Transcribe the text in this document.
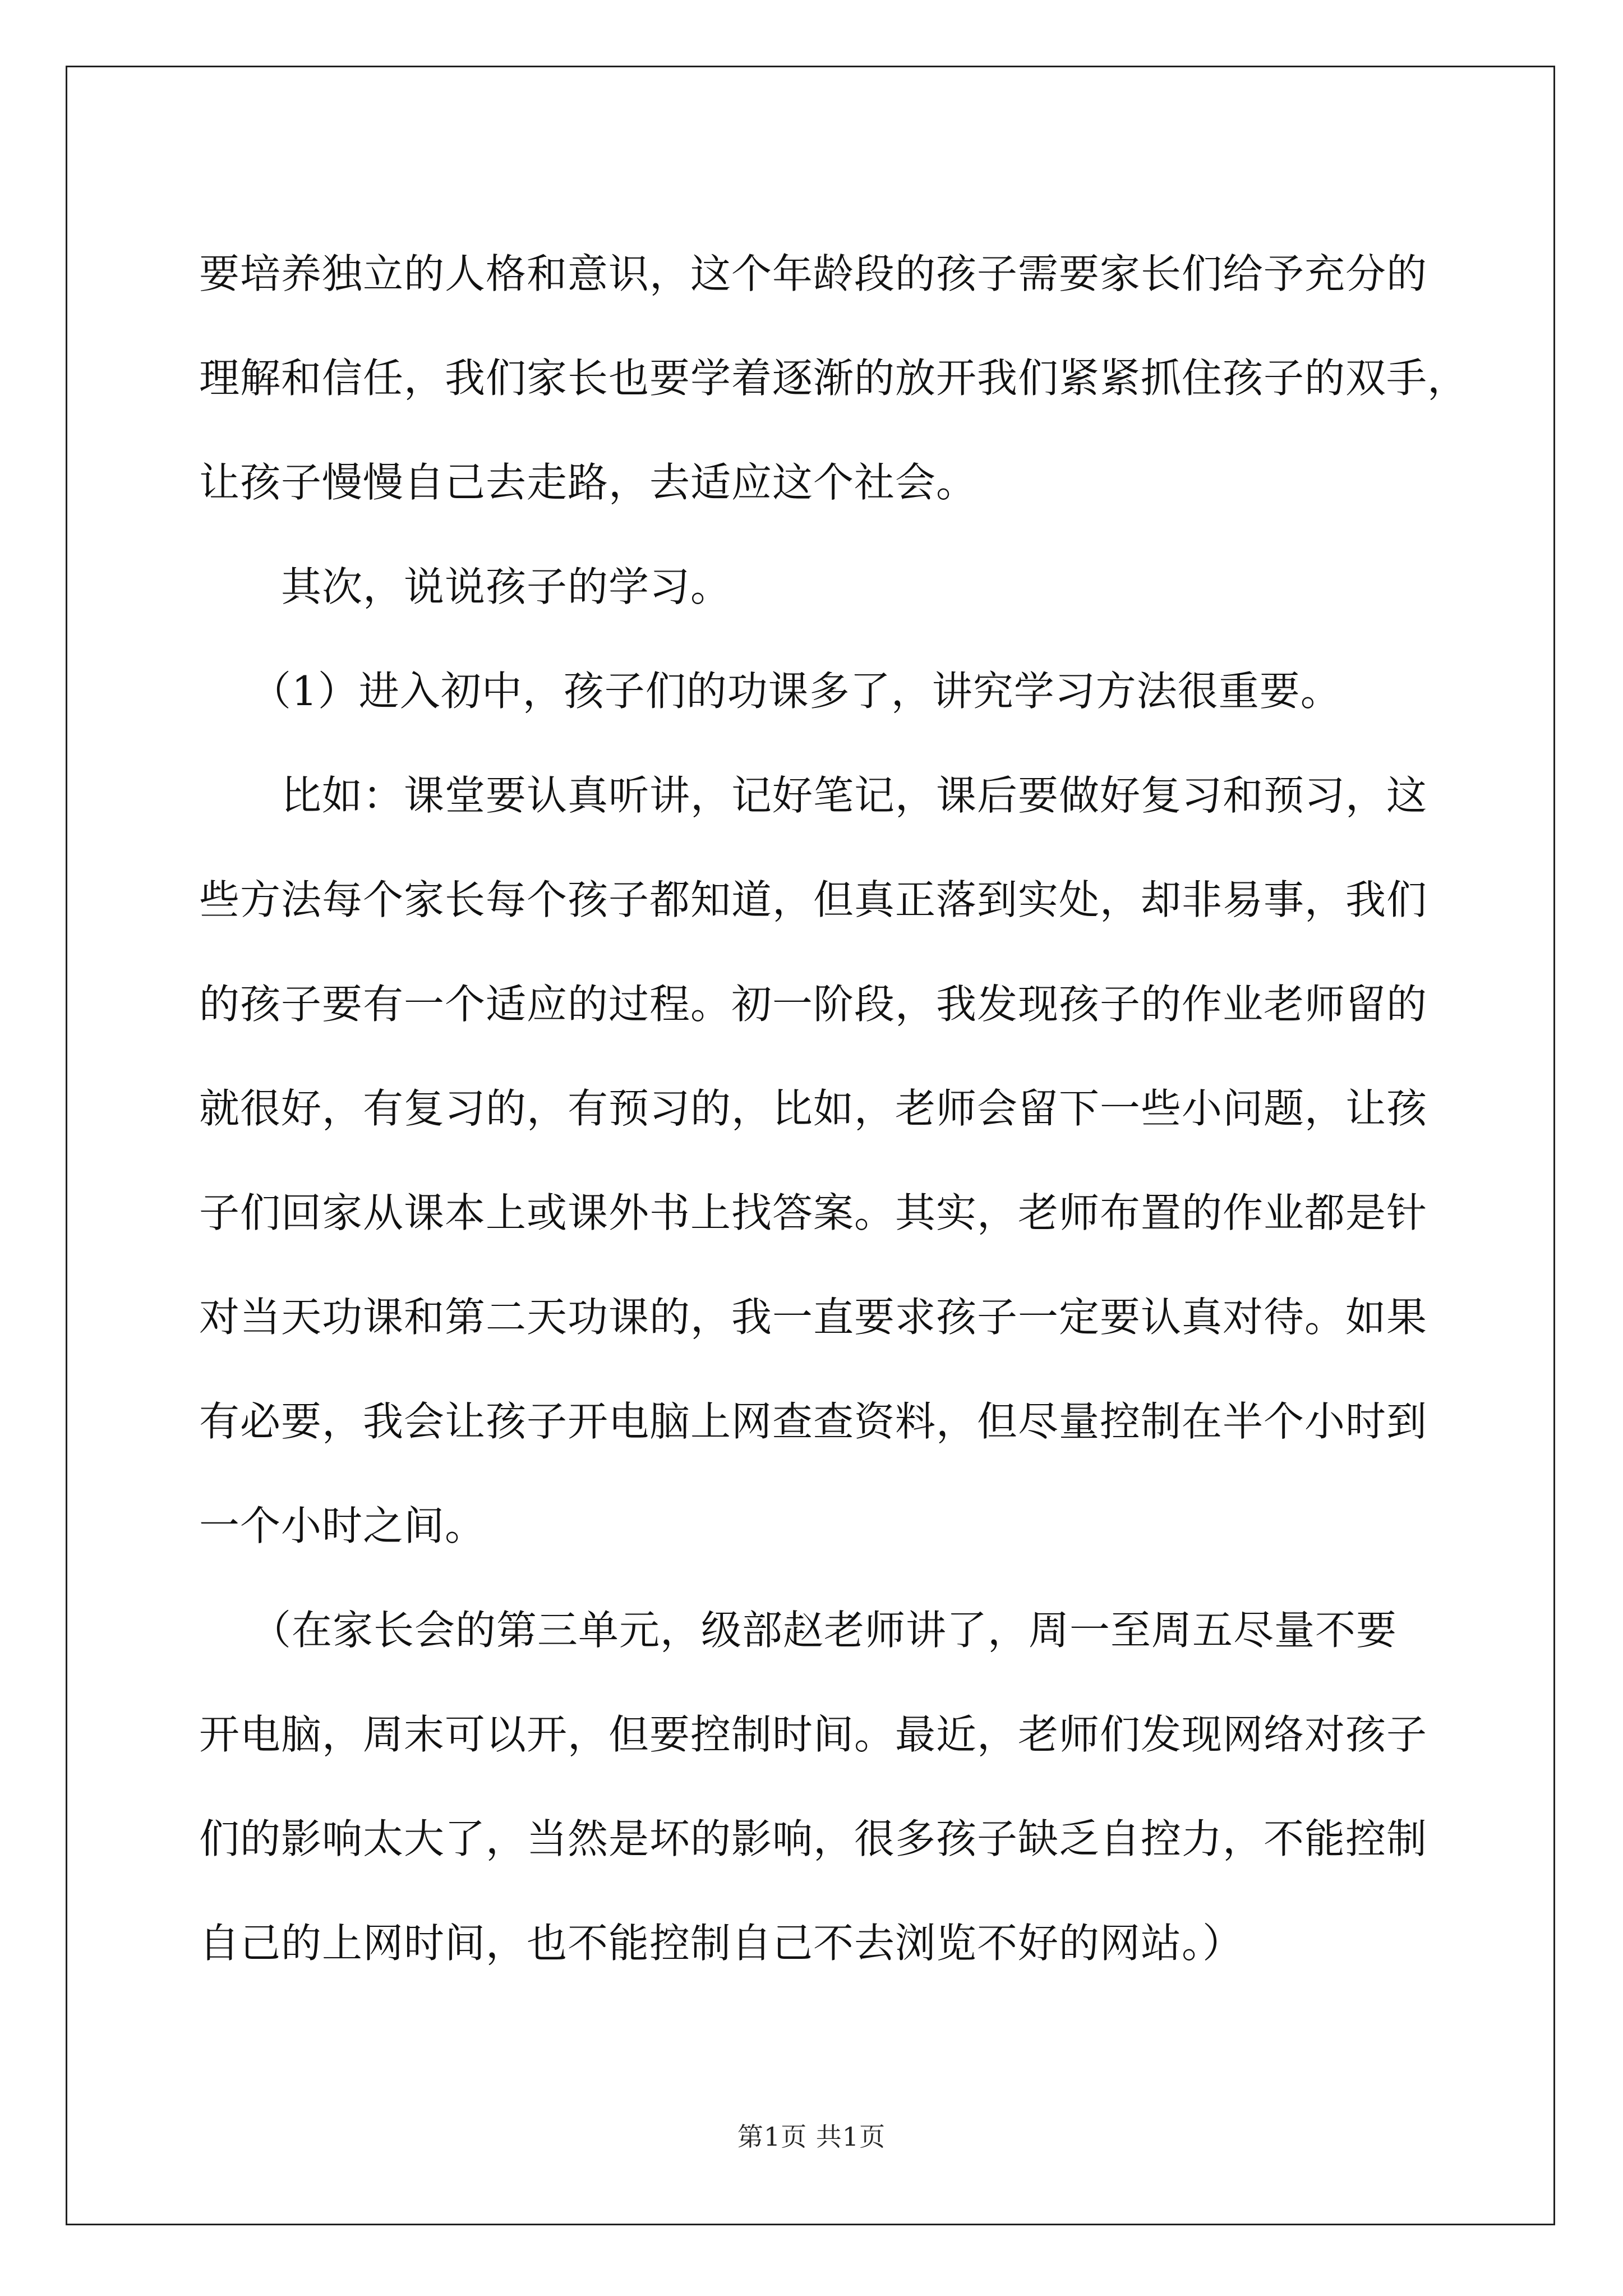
要培养独立的人格和意识，这个年龄段的孩子需要家长们给予充分的
理解和信任，我们家长也要学着逐渐的放开我们紧紧抓住孩子的双手，
让孩子慢慢自己去走路，去适应这个社会。
其次，说说孩子的学习。
（1）进入初中，孩子们的功课多了，讲究学习方法很重要。
比如：课堂要认真听讲，记好笔记，课后要做好复习和预习，这
些方法每个家长每个孩子都知道，但真正落到实处，却非易事，我们
的孩子要有一个适应的过程。初一阶段，我发现孩子的作业老师留的
就很好，有复习的，有预习的，比如，老师会留下一些小问题，让孩
子们回家从课本上或课外书上找答案。其实，老师布置的作业都是针
对当天功课和第二天功课的，我一直要求孩子一定要认真对待。如果
有必要，我会让孩子开电脑上网查查资料，但尽量控制在半个小时到
一个小时之间。
（在家长会的第三单元，级部赵老师讲了，周一至周五尽量不要
开电脑，周末可以开，但要控制时间。最近，老师们发现网络对孩子
们的影响太大了，当然是坏的影响，很多孩子缺乏自控力，不能控制
自己的上网时间，也不能控制自己不去浏览不好的网站。）
第1页 共1页
